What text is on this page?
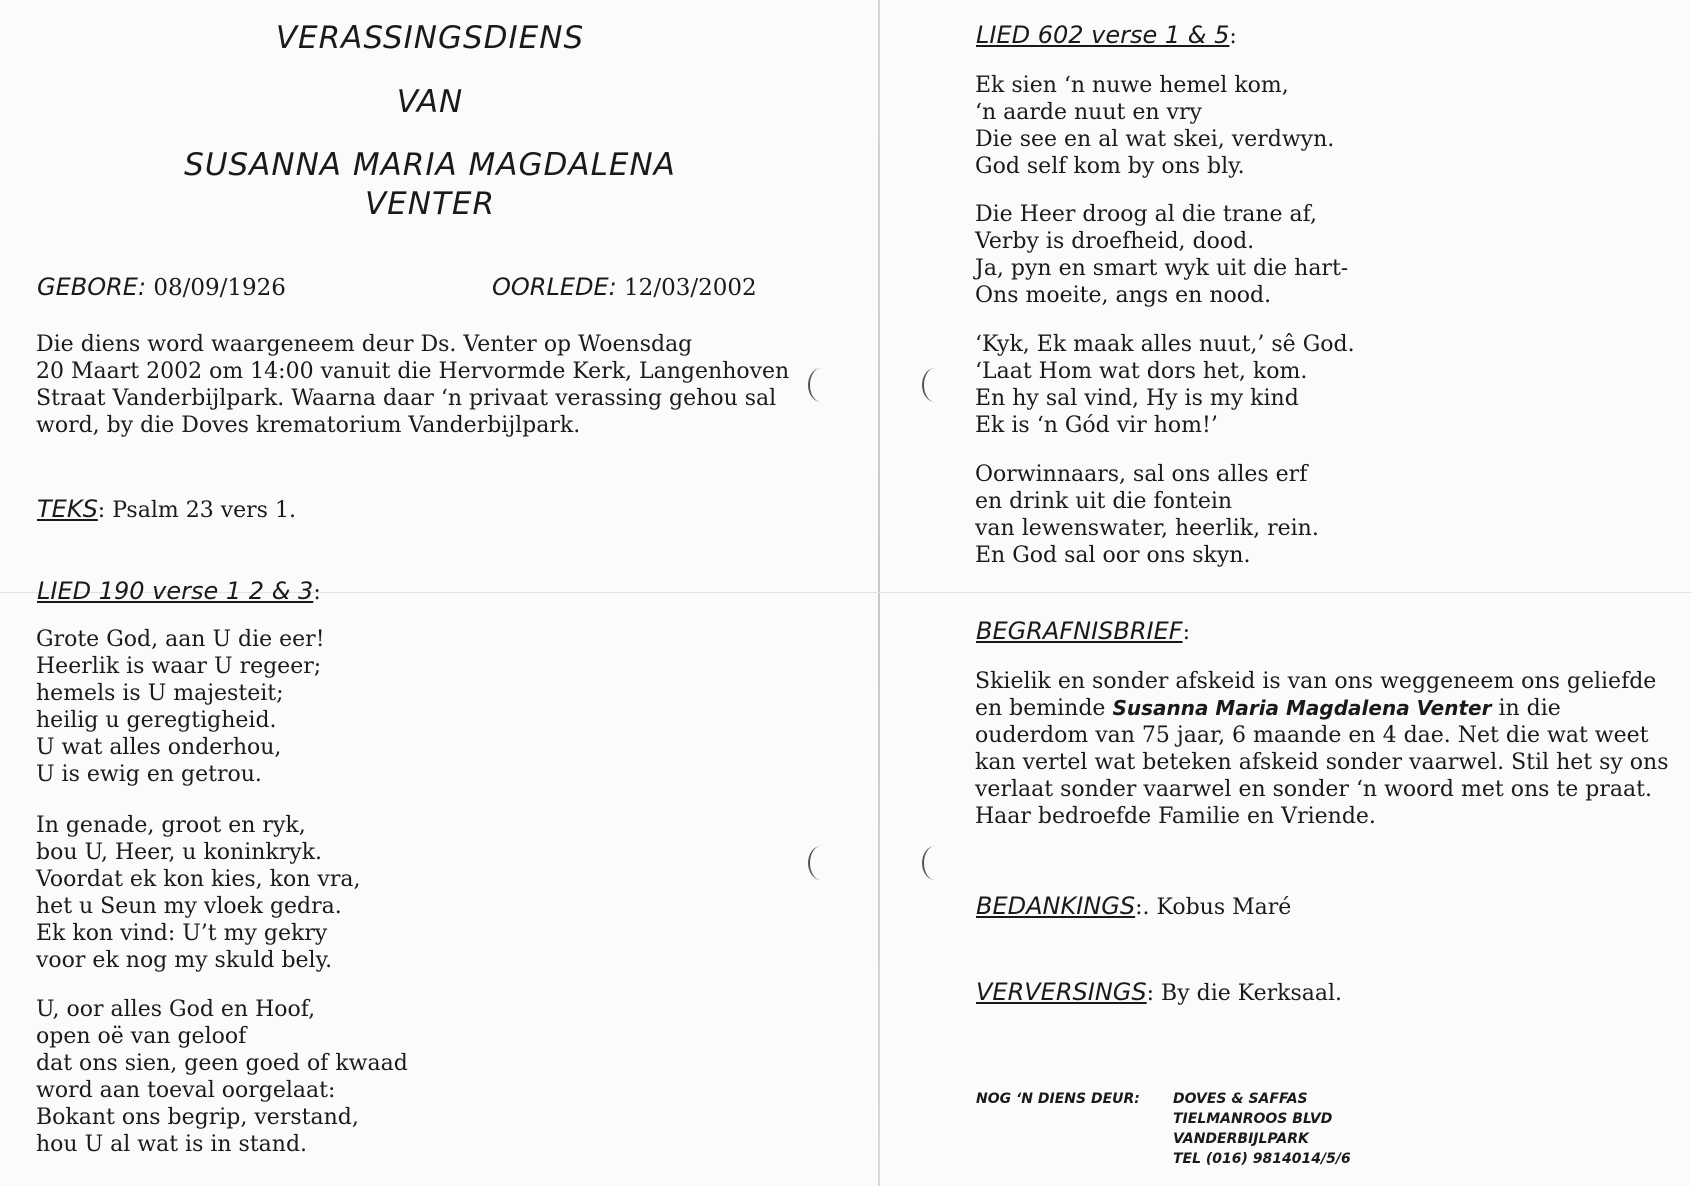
VERASSINGSDIENS
VAN
SUSANNA MARIA MAGDALENA
VENTER
GEBORE: 08/09/1926	OORLEDE: 12/03/2002
Die diens word waargeneem deur Ds. Venter op Woensdag
20 Maart 2002 om 14:00 vanuit die Hervormde Kerk, Langenhoven
Straat Vanderbijlpark. Waarna daar ‘n privaat verassing gehou sal
word, by die Doves krematorium Vanderbijlpark.
TEKS: Psalm 23 vers 1.
LIED 190 verse 1 2 & 3:
Grote God, aan U die eer!
Heerlik is waar U regeer;
hemels is U majesteit;
heilig u geregtigheid.
U wat alles onderhou,
U is ewig en getrou.
In genade, groot en ryk,
bou U, Heer, u koninkryk.
Voordat ek kon kies, kon vra,
het u Seun my vloek gedra.
Ek kon vind: U’t my gekry
voor ek nog my skuld bely.
U, oor alles God en Hoof,
open oë van geloof
dat ons sien, geen goed of kwaad
word aan toeval oorgelaat:
Bokant ons begrip, verstand,
hou U al wat is in stand.
LIED 602 verse 1 & 5:
Ek sien ‘n nuwe hemel kom,
‘n aarde nuut en vry
Die see en al wat skei, verdwyn.
God self kom by ons bly.
Die Heer droog al die trane af,
Verby is droefheid, dood.
Ja, pyn en smart wyk uit die hart-
Ons moeite, angs en nood.
‘Kyk, Ek maak alles nuut,’ sê God.
‘Laat Hom wat dors het, kom.
En hy sal vind, Hy is my kind
Ek is ‘n Gód vir hom!’
Oorwinnaars, sal ons alles erf
en drink uit die fontein
van lewenswater, heerlik, rein.
En God sal oor ons skyn.
BEGRAFNISBRIEF:
Skielik en sonder afskeid is van ons weggeneem ons geliefde
en beminde Susanna Maria Magdalena Venter in die
ouderdom van 75 jaar, 6 maande en 4 dae. Net die wat weet
kan vertel wat beteken afskeid sonder vaarwel. Stil het sy ons
verlaat sonder vaarwel en sonder ‘n woord met ons te praat.
Haar bedroefde Familie en Vriende.
BEDANKINGS:. Kobus Maré
VERVERSINGS: By die Kerksaal.
NOG ‘N DIENS DEUR: DOVES & SAFFAS
TIELMANROOS BLVD
VANDERBIJLPARK
TEL (016) 9814014/5/6
